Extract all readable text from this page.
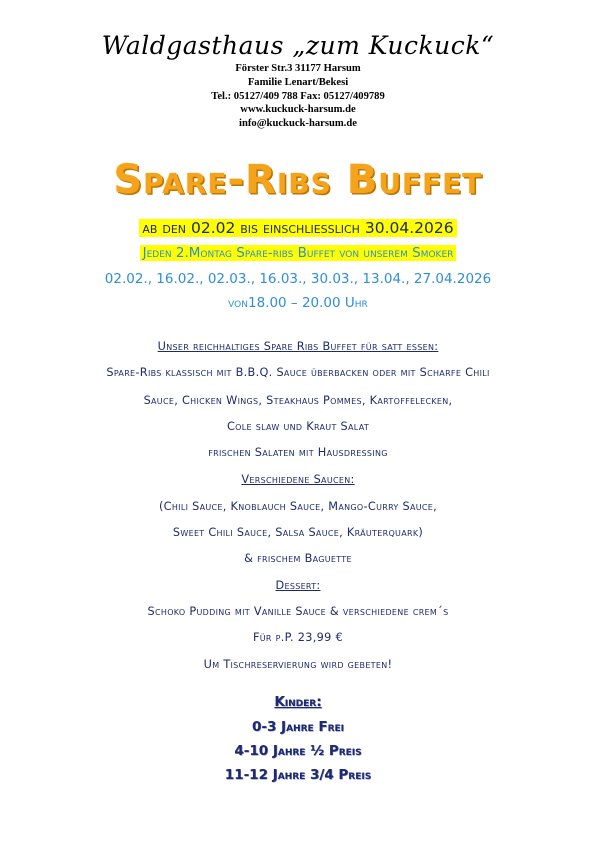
Waldgasthaus „zum Kuckuck“
Förster Str.3 31177 Harsum
Familie Lenart/Bekesi
Tel.: 05127/409 788 Fax: 05127/409789
www.kuckuck-harsum.de
info@kuckuck-harsum.de
Spare-Ribs Buffet
ab den 02.02 bis einschliesslich 30.04.2026
Jeden 2.Montag Spare-ribs Buffet von unserem Smoker
02.02., 16.02., 02.03., 16.03., 30.03., 13.04., 27.04.2026
von18.00 – 20.00 Uhr
Unser reichhaltiges Spare Ribs Buffet für satt essen:
Spare-Ribs klassisch mit B.B.Q. Sauce überbacken oder mit Scharfe Chili
Sauce, Chicken Wings, Steakhaus Pommes, Kartoffelecken,
Cole slaw und Kraut Salat
frischen Salaten mit Hausdressing
Verschiedene Saucen:
(Chili Sauce, Knoblauch Sauce, Mango-Curry Sauce,
Sweet Chili Sauce, Salsa Sauce, Kräuterquark)
& frischem Baguette
Dessert:
Schoko Pudding mit Vanille Sauce & verschiedene crem´s
Für p.P. 23,99 €
Um Tischreservierung wird gebeten!
Kinder:
0-3 Jahre Frei
4-10 Jahre ½ Preis
11-12 Jahre 3/4 Preis
